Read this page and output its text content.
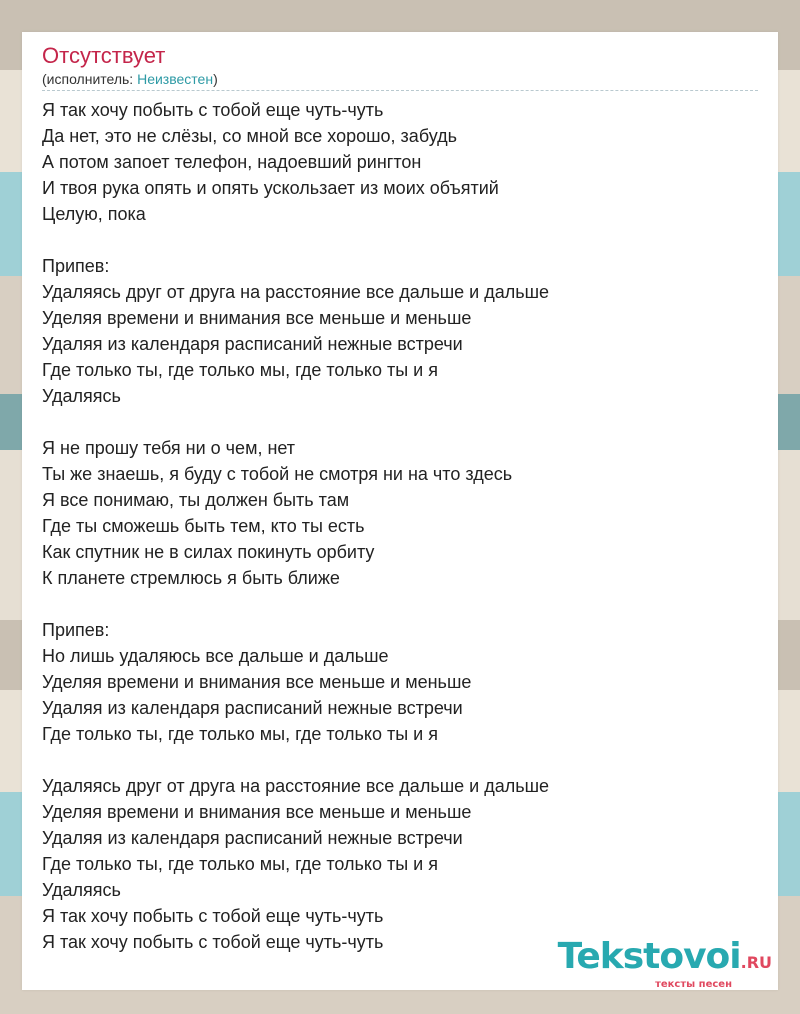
Отсутствует
(исполнитель: Неизвестен)
Я так хочу побыть с тобой еще чуть-чуть
Да нет, это не слёзы, со мной все хорошо, забудь
А потом запоет телефон, надоевший рингтон
И твоя рука опять и опять ускользает из моих объятий
Целую, пока
Припев:
Удаляясь друг от друга на расстояние все дальше и дальше
Уделяя времени и внимания все меньше и меньше
Удаляя из календаря расписаний нежные встречи
Где только ты, где только мы, где только ты и я
Удаляясь
Я не прошу тебя ни о чем, нет
Ты же знаешь, я буду с тобой не смотря ни на что здесь
Я все понимаю, ты должен быть там
Где ты сможешь быть тем, кто ты есть
Как спутник не в силах покинуть орбиту
К планете стремлюсь я быть ближе
Припев:
Но лишь удаляюсь все дальше и дальше
Уделяя времени и внимания все меньше и меньше
Удаляя из календаря расписаний нежные встречи
Где только ты, где только мы, где только ты и я
Удаляясь друг от друга на расстояние все дальше и дальше
Уделяя времени и внимания все меньше и меньше
Удаляя из календаря расписаний нежные встречи
Где только ты, где только мы, где только ты и я
Удаляясь
Я так хочу побыть с тобой еще чуть-чуть
Я так хочу побыть с тобой еще чуть-чуть	Tekstovoi.RU
тексты песен
